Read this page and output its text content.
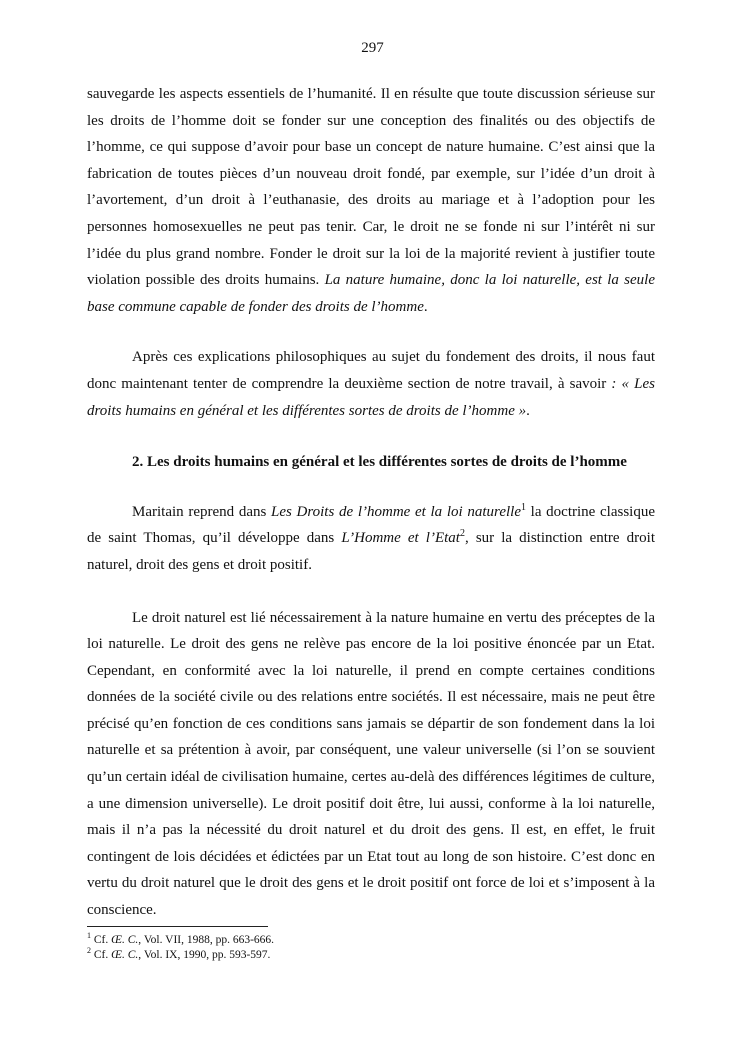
297

sauvegarde les aspects essentiels de l’humanité. Il en résulte que toute discussion sérieuse sur les droits de l’homme doit se fonder sur une conception des finalités ou des objectifs de l’homme, ce qui suppose d’avoir pour base un concept de nature humaine. C’est ainsi que la fabrication de toutes pièces d’un nouveau droit fondé, par exemple, sur l’idée d’un droit à l’avortement, d’un droit à l’euthanasie, des droits au mariage et à l’adoption pour les personnes homosexuelles ne peut pas tenir. Car, le droit ne se fonde ni sur l’intérêt ni sur l’idée du plus grand nombre. Fonder le droit sur la loi de la majorité revient à justifier toute violation possible des droits humains. La nature humaine, donc la loi naturelle, est la seule base commune capable de fonder des droits de l’homme.

Après ces explications philosophiques au sujet du fondement des droits, il nous faut donc maintenant tenter de comprendre la deuxième section de notre travail, à savoir : « Les droits humains en général et les différentes sortes de droits de l’homme ».

2. Les droits humains en général et les différentes sortes de droits de l’homme

Maritain reprend dans Les Droits de l’homme et la loi naturelle$^1$ la doctrine classique de saint Thomas, qu’il développe dans L’Homme et l’Etat$^2$, sur la distinction entre droit naturel, droit des gens et droit positif.

Le droit naturel est lié nécessairement à la nature humaine en vertu des préceptes de la loi naturelle. Le droit des gens ne relève pas encore de la loi positive énoncée par un Etat. Cependant, en conformité avec la loi naturelle, il prend en compte certaines conditions données de la société civile ou des relations entre sociétés. Il est nécessaire, mais ne peut être précisé qu’en fonction de ces conditions sans jamais se départir de son fondement dans la loi naturelle et sa prétention à avoir, par conséquent, une valeur universelle (si l’on se souvient qu’un certain idéal de civilisation humaine, certes au-delà des différences légitimes de culture, a une dimension universelle). Le droit positif doit être, lui aussi, conforme à la loi naturelle, mais il n’a pas la nécessité du droit naturel et du droit des gens. Il est, en effet, le fruit contingent de lois décidées et édictées par un Etat tout au long de son histoire. C’est donc en vertu du droit naturel que le droit des gens et le droit positif ont force de loi et s’imposent à la conscience.

$^1$ Cf. Œ. C., Vol. VII, 1988, pp. 663-666.
$^2$ Cf. Œ. C., Vol. IX, 1990, pp. 593-597.
